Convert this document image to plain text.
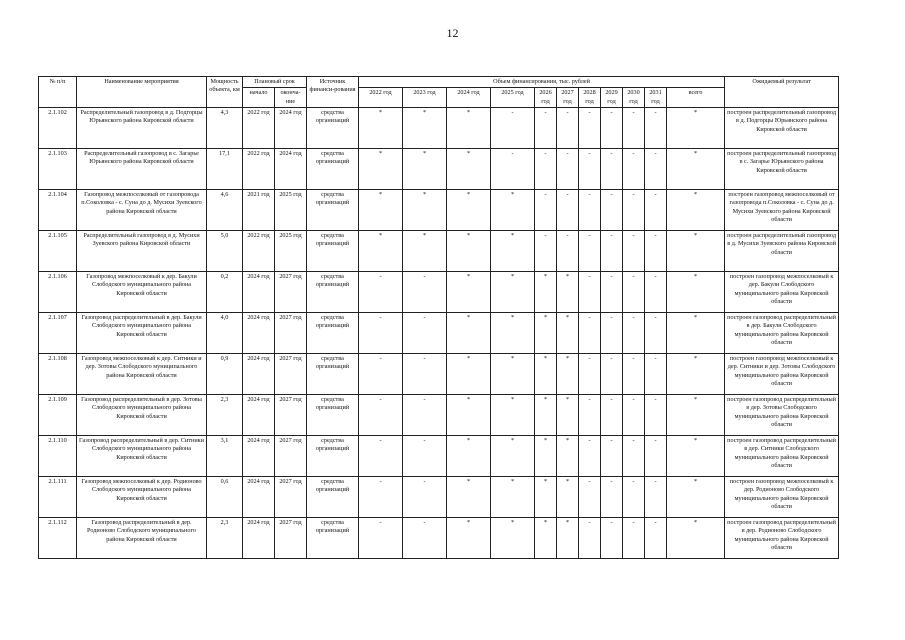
12
№ п/п	Наименование мероприятия	Мощность объекта, км	Плановый срок		Источник финанси-рования	Объем финансирования, тыс. рублей											Ожидаемый результат
			начало	оконча-ние		2022 год	2023 год	2024 год	2025 год	2026 год	2027 год	2028 год	2029 год	2030 год	2031 год	всего	
2.1.102	Распределительный газопровод в д. Подгорцы Юрьянского района Кировской области	4,3	2022 год	2024 год	средства организаций	*	*	*	-	-	-	-	-	-	-	*	построен распределительный газопровод в д. Подгорцы Юрьянского района Кировской области
2.1.103	Распределительный газопровод в с. Загарье Юрьянского района Кировской области	17,1	2022 год	2024 год	средства организаций	*	*	*	-	-	-	-	-	-	-	*	построен распределительный газопровод в с. Загарье Юрьянского района Кировской области
2.1.104	Газопровод межпоселковый от газопровода п.Соколовка - с. Суна до д. Мусихи Зуевского района Кировской области	4,6	2021 год	2025 год	средства организаций	*	*	*	*	-	-	-	-	-	-	*	построен газопровод межпоселковый от газопровода п.Соколовка - с. Суна до д. Мусихи Зуевского района Кировской области
2.1.105	Распределительный газопровод в д. Мусихи Зуевского района Кировской области	5,0	2022 год	2025 год	средства организаций	*	*	*	*	-	-	-	-	-	-	*	построен распределительный газопровод в д. Мусихи Зуевского района Кировской области
2.1.106	Газопровод межпоселковый к дер. Бакули Слободского муниципального района Кировской области	0,2	2024 год	2027 год	средства организаций	-	-	*	*	*	*	-	-	-	-	*	построен газопровод межпоселковый к дер. Бакули Слободского муниципального района Кировской области
2.1.107	Газопровод распределительный в дер. Бакули Слободского муниципального района Кировской области	4,0	2024 год	2027 год	средства организаций	-	-	*	*	*	*	-	-	-	-	*	построен газопровод распределительный в дер. Бакули Слободского муниципального района Кировской области
2.1.108	Газопровод межпоселковый к дер. Ситники и дер. Зотовы Слободского муниципального района Кировской области	0,9	2024 год	2027 год	средства организаций	-	-	*	*	*	*	-	-	-	-	*	построен газопровод межпоселковый к дер. Ситники и дер. Зотовы Слободского муниципального района Кировской области
2.1.109	Газопровод распределительный в дер. Зотовы Слободского муниципального района Кировской области	2,3	2024 год	2027 год	средства организаций	-	-	*	*	*	*	-	-	-	-	*	построен газопровод распределительный в дер. Зотовы Слободского муниципального района Кировской области
2.1.110	Газопровод распределительный в дер. Ситники Слободского муниципального района Кировской области	3,1	2024 год	2027 год	средства организаций	-	-	*	*	*	*	-	-	-	-	*	построен газопровод распределительный в дер. Ситники Слободского муниципального района Кировской области
2.1.111	Газопровод межпоселковый к дер. Родионово Слободского муниципального района Кировской области	0,6	2024 год	2027 год	средства организаций	-	-	*	*	*	*	-	-	-	-	*	построен газопровод межпоселковый к дер. Родионово Слободского муниципального района Кировской области
2.1.112	Газопровод распределительный в дер. Родионово Слободского муниципального района Кировской области	2,3	2024 год	2027 год	средства организаций	-	-	*	*	*	*	-	-	-	-	*	построен газопровод распределительный в дер. Родионово Слободского муниципального района Кировской области
